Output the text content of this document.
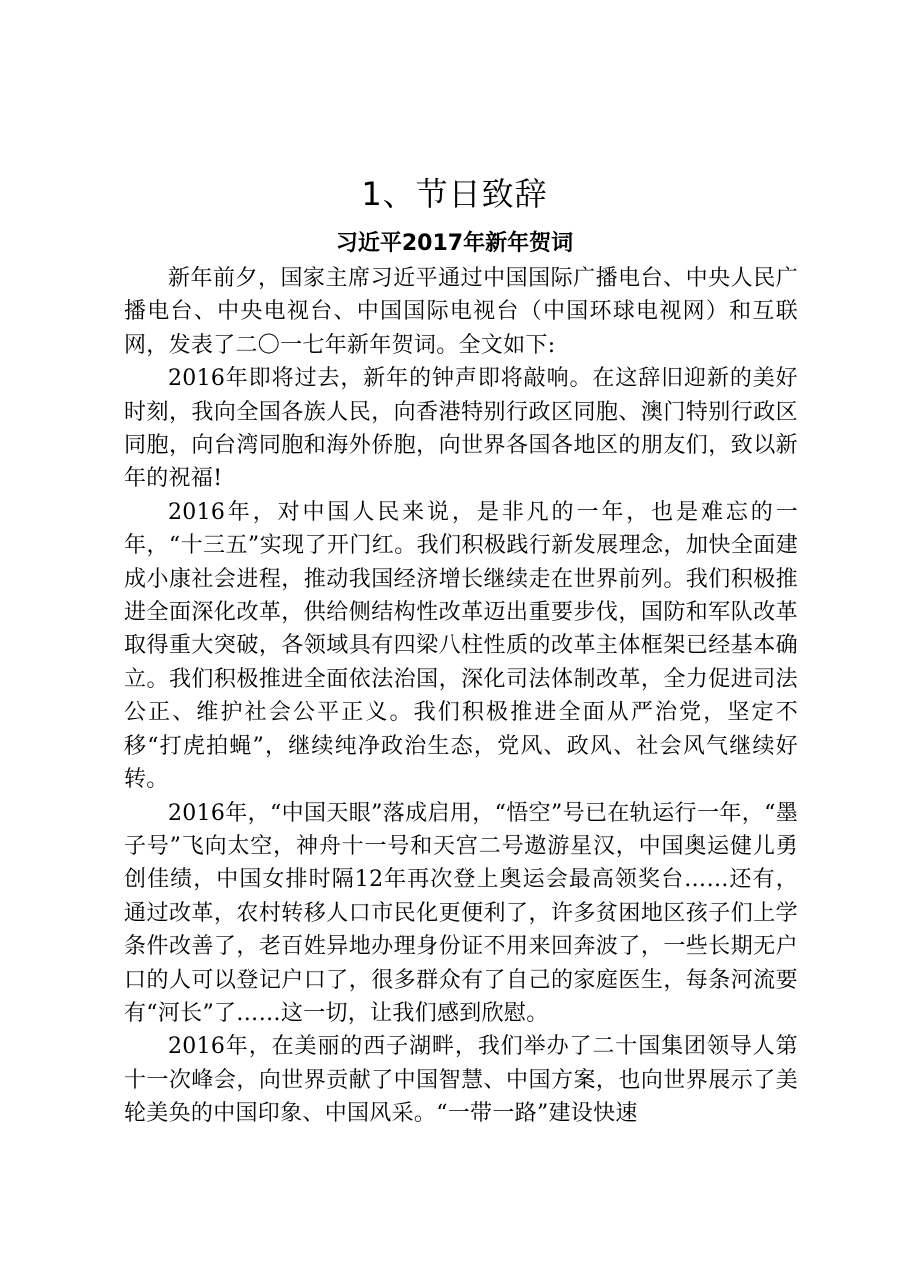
1、节日致辞
习近平2017年新年贺词

新年前夕，国家主席习近平通过中国国际广播电台、中央人民广播电台、中央电视台、中国国际电视台（中国环球电视网）和互联网，发表了二〇一七年新年贺词。全文如下:

2016年即将过去，新年的钟声即将敲响。在这辞旧迎新的美好时刻，我向全国各族人民，向香港特别行政区同胞、澳门特别行政区同胞，向台湾同胞和海外侨胞，向世界各国各地区的朋友们，致以新年的祝福!

2016年，对中国人民来说，是非凡的一年，也是难忘的一年，“十三五”实现了开门红。我们积极践行新发展理念，加快全面建成小康社会进程，推动我国经济增长继续走在世界前列。我们积极推进全面深化改革，供给侧结构性改革迈出重要步伐，国防和军队改革取得重大突破，各领域具有四梁八柱性质的改革主体框架已经基本确立。我们积极推进全面依法治国，深化司法体制改革，全力促进司法公正、维护社会公平正义。我们积极推进全面从严治党，坚定不移“打虎拍蝇”，继续纯净政治生态，党风、政风、社会风气继续好转。

2016年，“中国天眼”落成启用，“悟空”号已在轨运行一年，“墨子号”飞向太空，神舟十一号和天宫二号遨游星汉，中国奥运健儿勇创佳绩，中国女排时隔12年再次登上奥运会最高领奖台……还有，通过改革，农村转移人口市民化更便利了，许多贫困地区孩子们上学条件改善了，老百姓异地办理身份证不用来回奔波了，一些长期无户口的人可以登记户口了，很多群众有了自己的家庭医生，每条河流要有“河长”了……这一切，让我们感到欣慰。

2016年，在美丽的西子湖畔，我们举办了二十国集团领导人第十一次峰会，向世界贡献了中国智慧、中国方案，也向世界展示了美轮美奂的中国印象、中国风采。“一带一路”建设快速
